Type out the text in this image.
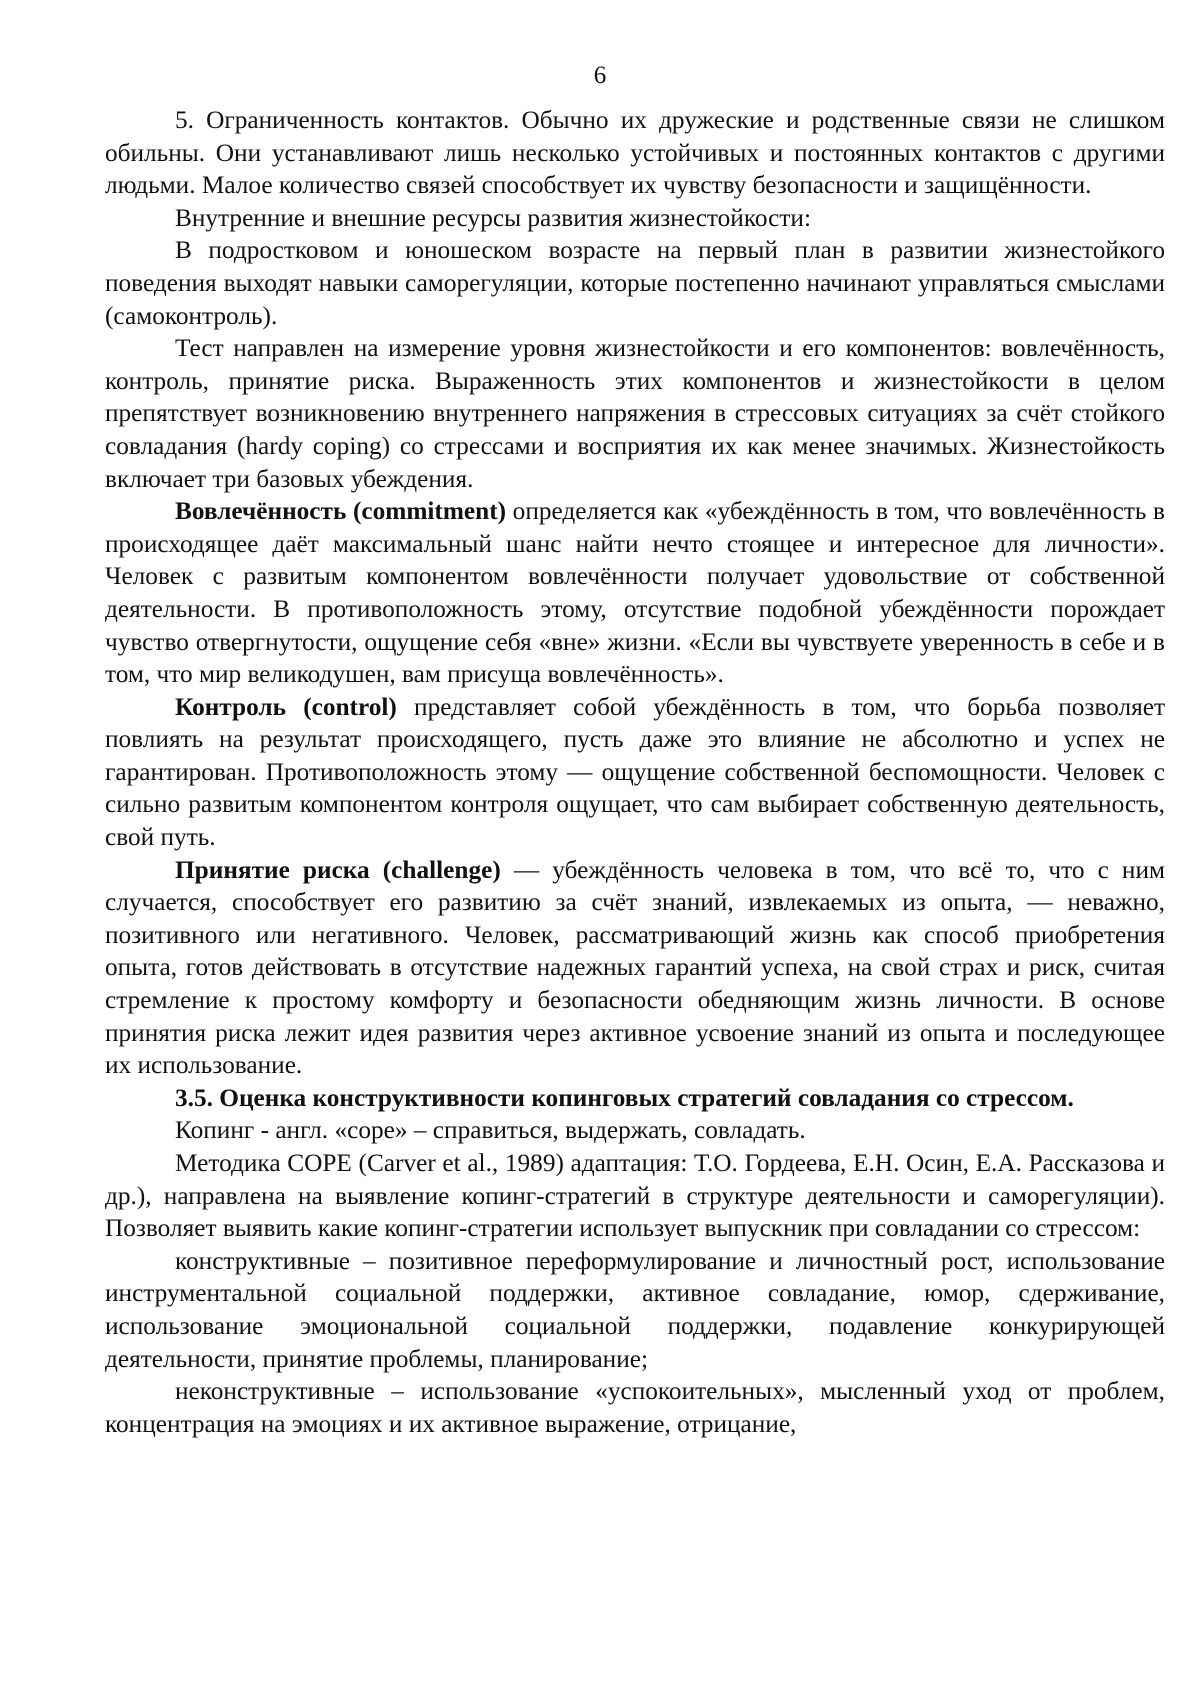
6

5. Ограниченность контактов. Обычно их дружеские и родственные связи не слишком обильны. Они устанавливают лишь несколько устойчивых и постоянных контактов с другими людьми. Малое количество связей способствует их чувству безопасности и защищённости.

Внутренние и внешние ресурсы развития жизнестойкости:

В подростковом и юношеском возрасте на первый план в развитии жизнестойкого поведения выходят навыки саморегуляции, которые постепенно начинают управляться смыслами (самоконтроль).

Тест направлен на измерение уровня жизнестойкости и его компонентов: вовлечённость, контроль, принятие риска. Выраженность этих компонентов и жизнестойкости в целом препятствует возникновению внутреннего напряжения в стрессовых ситуациях за счёт стойкого совладания (hardy coping) со стрессами и восприятия их как менее значимых. Жизнестойкость включает три базовых убеждения.

Вовлечённость (commitment) определяется как «убеждённость в том, что вовлечённость в происходящее даёт максимальный шанс найти нечто стоящее и интересное для личности». Человек с развитым компонентом вовлечённости получает удовольствие от собственной деятельности. В противоположность этому, отсутствие подобной убеждённости порождает чувство отвергнутости, ощущение себя «вне» жизни. «Если вы чувствуете уверенность в себе и в том, что мир великодушен, вам присуща вовлечённость».

Контроль (control) представляет собой убеждённость в том, что борьба позволяет повлиять на результат происходящего, пусть даже это влияние не абсолютно и успех не гарантирован. Противоположность этому — ощущение собственной беспомощности. Человек с сильно развитым компонентом контроля ощущает, что сам выбирает собственную деятельность, свой путь.

Принятие риска (challenge) — убеждённость человека в том, что всё то, что с ним случается, способствует его развитию за счёт знаний, извлекаемых из опыта, — неважно, позитивного или негативного. Человек, рассматривающий жизнь как способ приобретения опыта, готов действовать в отсутствие надежных гарантий успеха, на свой страх и риск, считая стремление к простому комфорту и безопасности обедняющим жизнь личности. В основе принятия риска лежит идея развития через активное усвоение знаний из опыта и последующее их использование.

3.5. Оценка конструктивности копинговых стратегий совладания со стрессом.

Копинг - англ. «cope» – справиться, выдержать, совладать.

Методика COPE (Carver et al., 1989) адаптация: Т.О. Гордеева, Е.Н. Осин, Е.А. Рассказова и др.), направлена на выявление копинг-стратегий в структуре деятельности и саморегуляции). Позволяет выявить какие копинг-стратегии использует выпускник при совладании со стрессом:

конструктивные – позитивное переформулирование и личностный рост, использование инструментальной социальной поддержки, активное совладание, юмор, сдерживание, использование эмоциональной социальной поддержки, подавление конкурирующей деятельности, принятие проблемы, планирование;

неконструктивные – использование «успокоительных», мысленный уход от проблем, концентрация на эмоциях и их активное выражение, отрицание,
